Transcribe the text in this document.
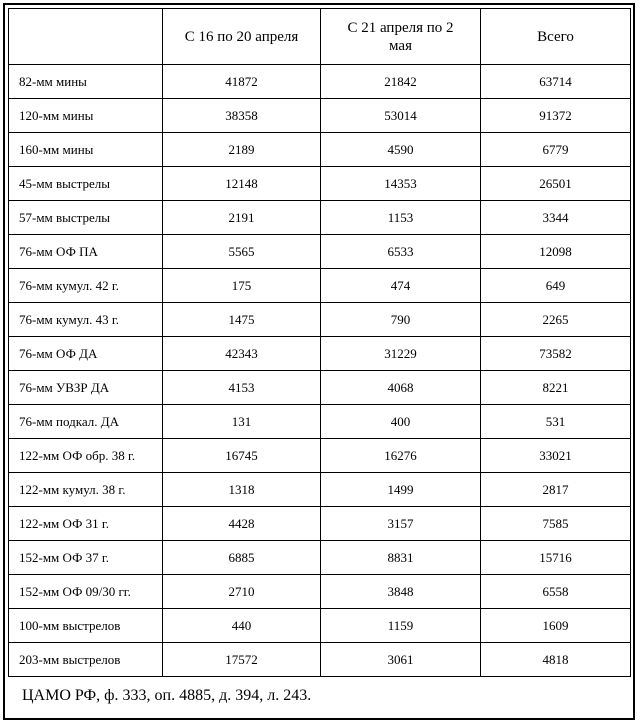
	С 16 по 20 апреля	С 21 апреля по 2 мая	Всего
82-мм мины	41872	21842	63714
120-мм мины	38358	53014	91372
160-мм мины	2189	4590	6779
45-мм выстрелы	12148	14353	26501
57-мм выстрелы	2191	1153	3344
76-мм ОФ ПА	5565	6533	12098
76-мм кумул. 42 г.	175	474	649
76-мм кумул. 43 г.	1475	790	2265
76-мм ОФ ДА	42343	31229	73582
76-мм УВЗР ДА	4153	4068	8221
76-мм подкал. ДА	131	400	531
122-мм ОФ обр. 38 г.	16745	16276	33021
122-мм кумул. 38 г.	1318	1499	2817
122-мм ОФ 31 г.	4428	3157	7585
152-мм ОФ 37 г.	6885	8831	15716
152-мм ОФ 09/30 гг.	2710	3848	6558
100-мм выстрелов	440	1159	1609
203-мм выстрелов	17572	3061	4818
ЦАМО РФ, ф. 333, оп. 4885, д. 394, л. 243.
